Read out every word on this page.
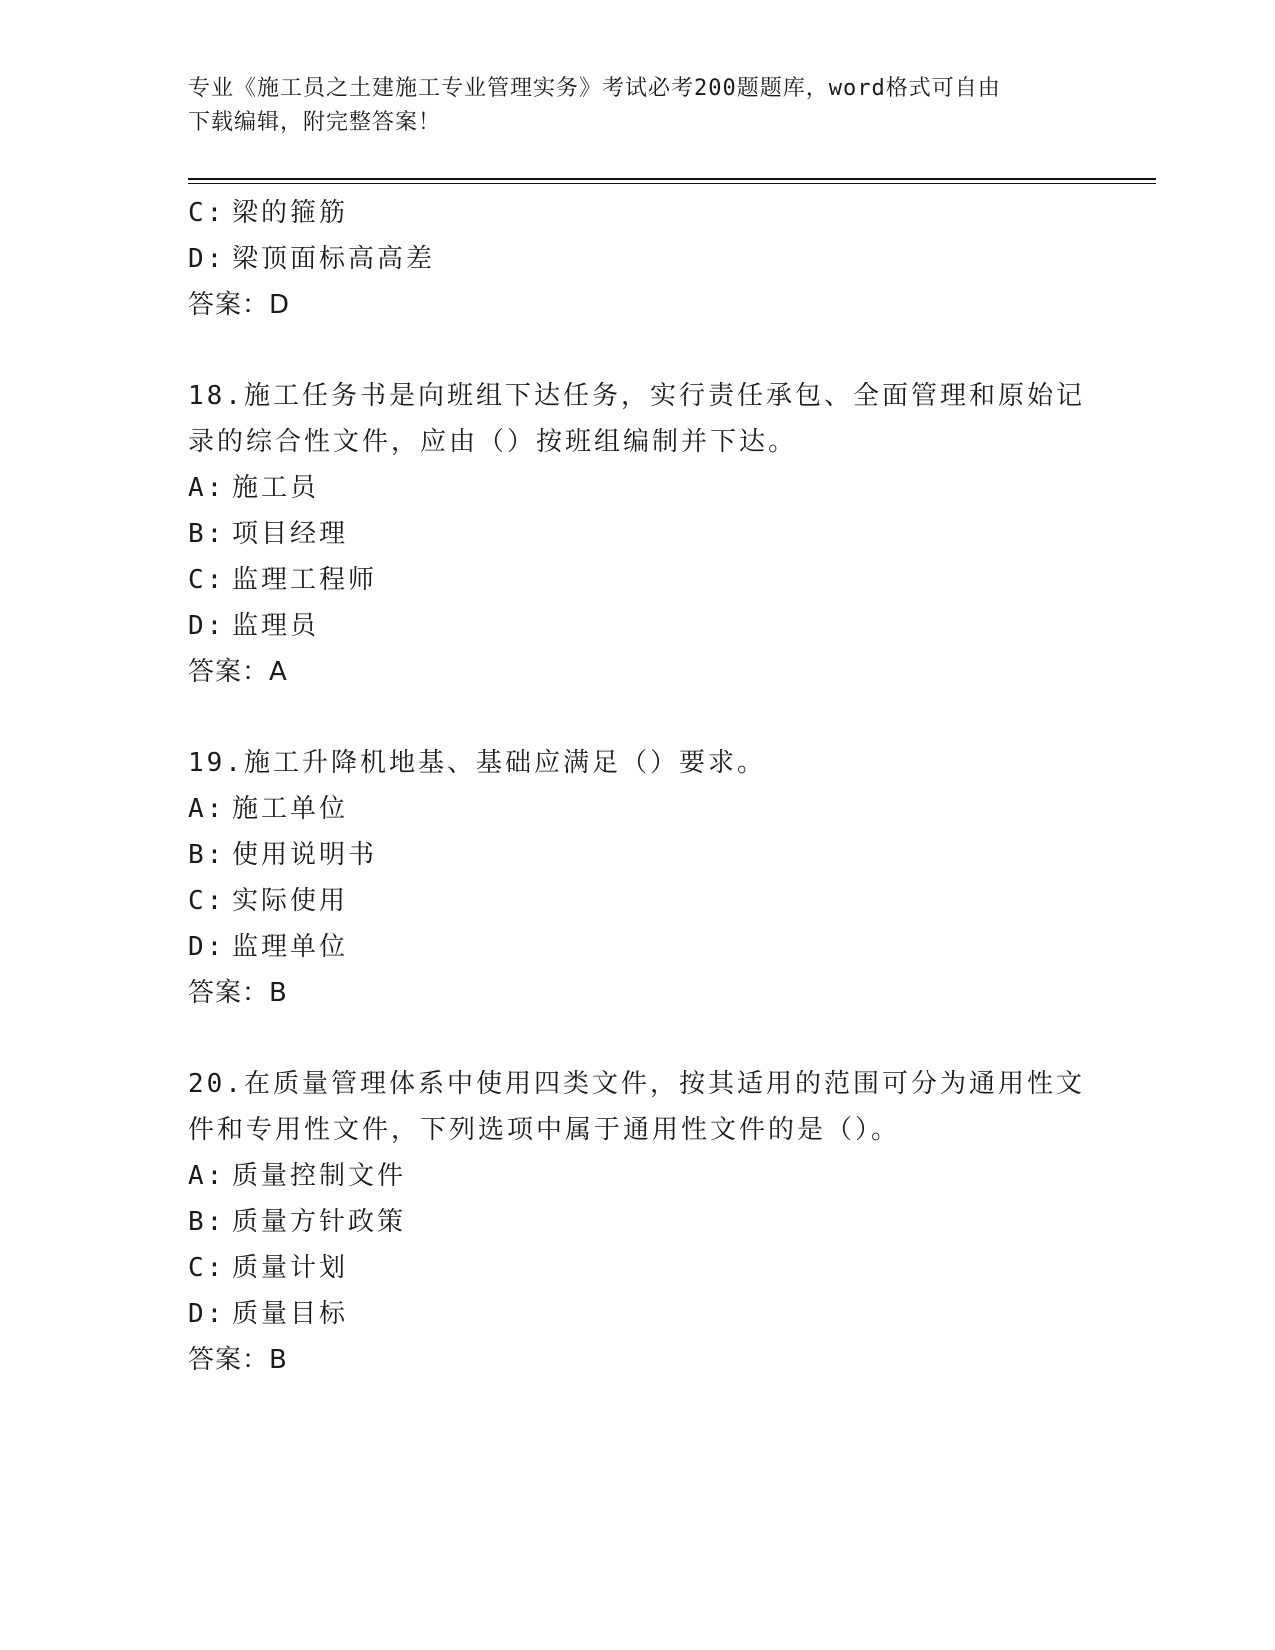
专业《施工员之土建施工专业管理实务》考试必考200题题库，word格式可自由
下载编辑，附完整答案！
C: 梁的箍筋
D: 梁顶面标高高差
答案：D
18.施工任务书是向班组下达任务，实行责任承包、全面管理和原始记
录的综合性文件，应由（）按班组编制并下达。
A: 施工员
B: 项目经理
C: 监理工程师
D: 监理员
答案：A
19.施工升降机地基、基础应满足（）要求。
A: 施工单位
B: 使用说明书
C: 实际使用
D: 监理单位
答案：B
20.在质量管理体系中使用四类文件，按其适用的范围可分为通用性文
件和专用性文件，下列选项中属于通用性文件的是（）。
A: 质量控制文件
B: 质量方针政策
C: 质量计划
D: 质量目标
答案：B
